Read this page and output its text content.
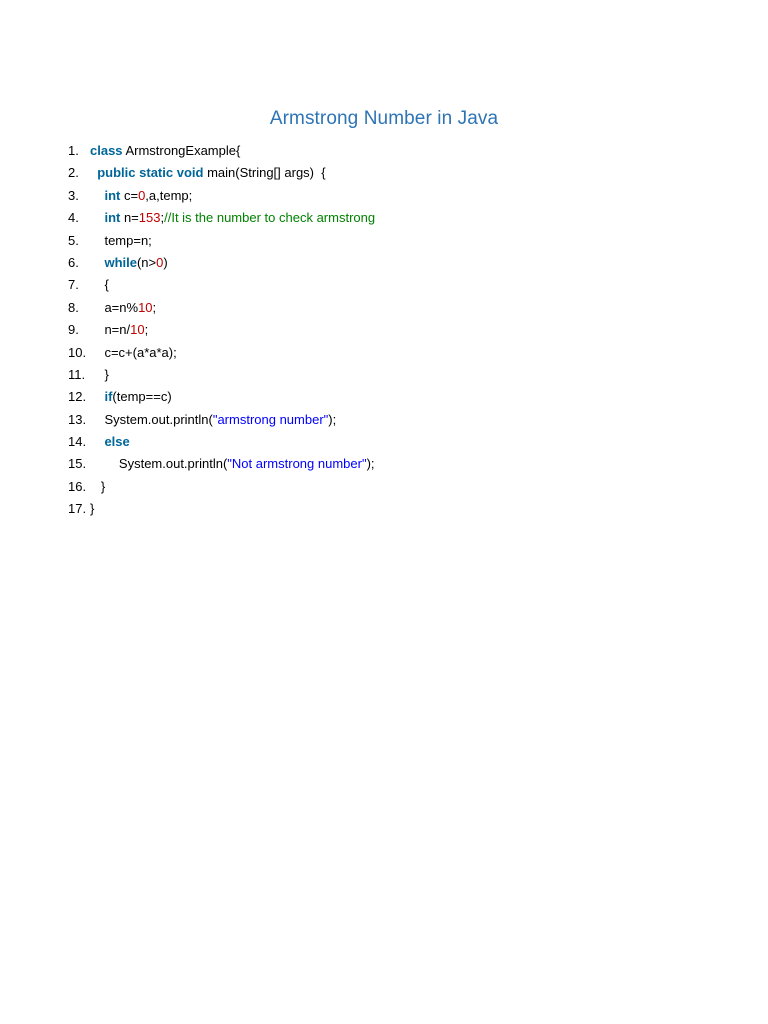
Armstrong Number in Java
1. class ArmstrongExample{
2. public static void main(String[] args)  {
3. int c=0,a,temp;
4. int n=153;//It is the number to check armstrong
5. temp=n;
6. while(n>0)
7. {
8. a=n%10;
9. n=n/10;
10. c=c+(a*a*a);
11. }
12. if(temp==c)
13. System.out.println("armstrong number");
14. else
15.	System.out.println("Not armstrong number");
16. }
17. }
